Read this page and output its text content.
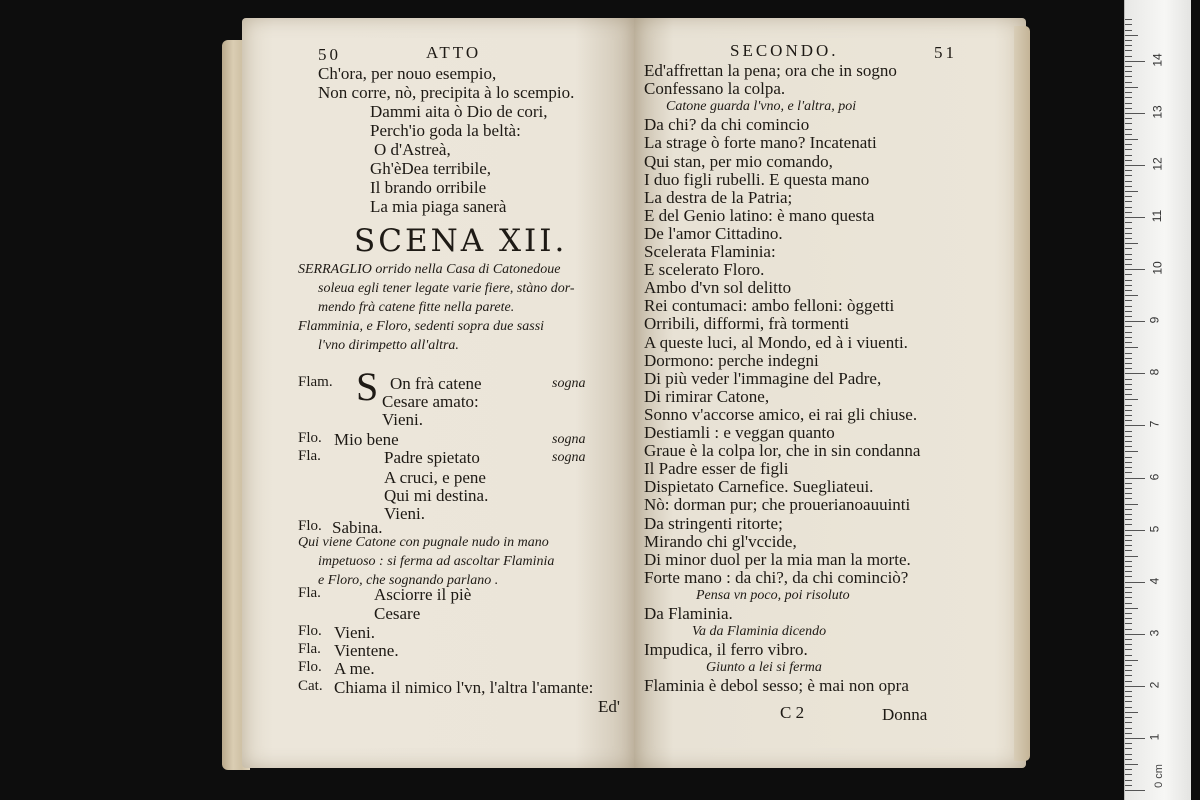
50	ATTO
Ch'ora, per nouo esempio,
Non corre, nò, precipita à lo scempio.
Dammi aita ò Dio de cori,
Perch'io goda la beltà:
O d'Astreà,
Gh'èDea terribile,
Il brando orribile
La mia piaga sanerà
SCENA XII.
SERRAGLIO orrido nella Casa di Catonedoue
soleua egli tener legate varie fiere, stàno dor-
mendo frà catene fitte nella parete.
Flamminia, e Floro, sedenti sopra due sassi
l'vno dirimpetto all'altra.
Flam. S On frà catene	sogna
Cesare amato:
Vieni.
Flo. Mio bene	sogna
Fla.	Padre spietato	sogna
A cruci, e pene
Qui mi destina.
Vieni.
Flo. Sabina.
Qui viene Catone con pugnale nudo in mano
impetuoso : si ferma ad ascoltar Flaminia
e Floro, che sognando parlano .
Fla.	Asciorre il piè
Cesare
Flo. Vieni.
Fla. Vientene.
Flo. A me.
Cat. Chiama il nimico l'vn, l'altra l'amante:
Ed'
SECONDO.	51
Ed'affrettan la pena; ora che in sogno
Confessano la colpa.
Catone guarda l'vno, e l'altra, poi
Da chi? da chi comincio
La strage ò forte mano? Incatenati
Qui stan, per mio comando,
I duo figli rubelli. E questa mano
La destra de la Patria;
E del Genio latino: è mano questa
De l'amor Cittadino.
Scelerata Flaminia:
E scelerato Floro.
Ambo d'vn sol delitto
Rei contumaci: ambo felloni: òggetti
Orribili, difformi, frà tormenti
A queste luci, al Mondo, ed à i viuenti.
Dormono: perche indegni
Di più veder l'immagine del Padre,
Di rimirar Catone,
Sonno v'accorse amico, ei rai gli chiuse.
Destiamli : e veggan quanto
Graue è la colpa lor, che in sin condanna
Il Padre esser de figli
Dispietato Carnefice. Suegliateui.
Nò: dorman pur; che prouerianoauuinti
Da stringenti ritorte;
Mirando chi gl'vccide,
Di minor duol per la mia man la morte.
Forte mano : da chi?, da chi cominciò?
Pensa vn poco, poi risoluto
Da Flaminia.
Va da Flaminia dicendo
Impudica, il ferro vibro.
Giunto a lei si ferma
Flaminia è debol sesso; è mai non opra
C 2	Donna
14
13
12
11
10
9
8
7
6
5
4
3
2
1
0 cm
